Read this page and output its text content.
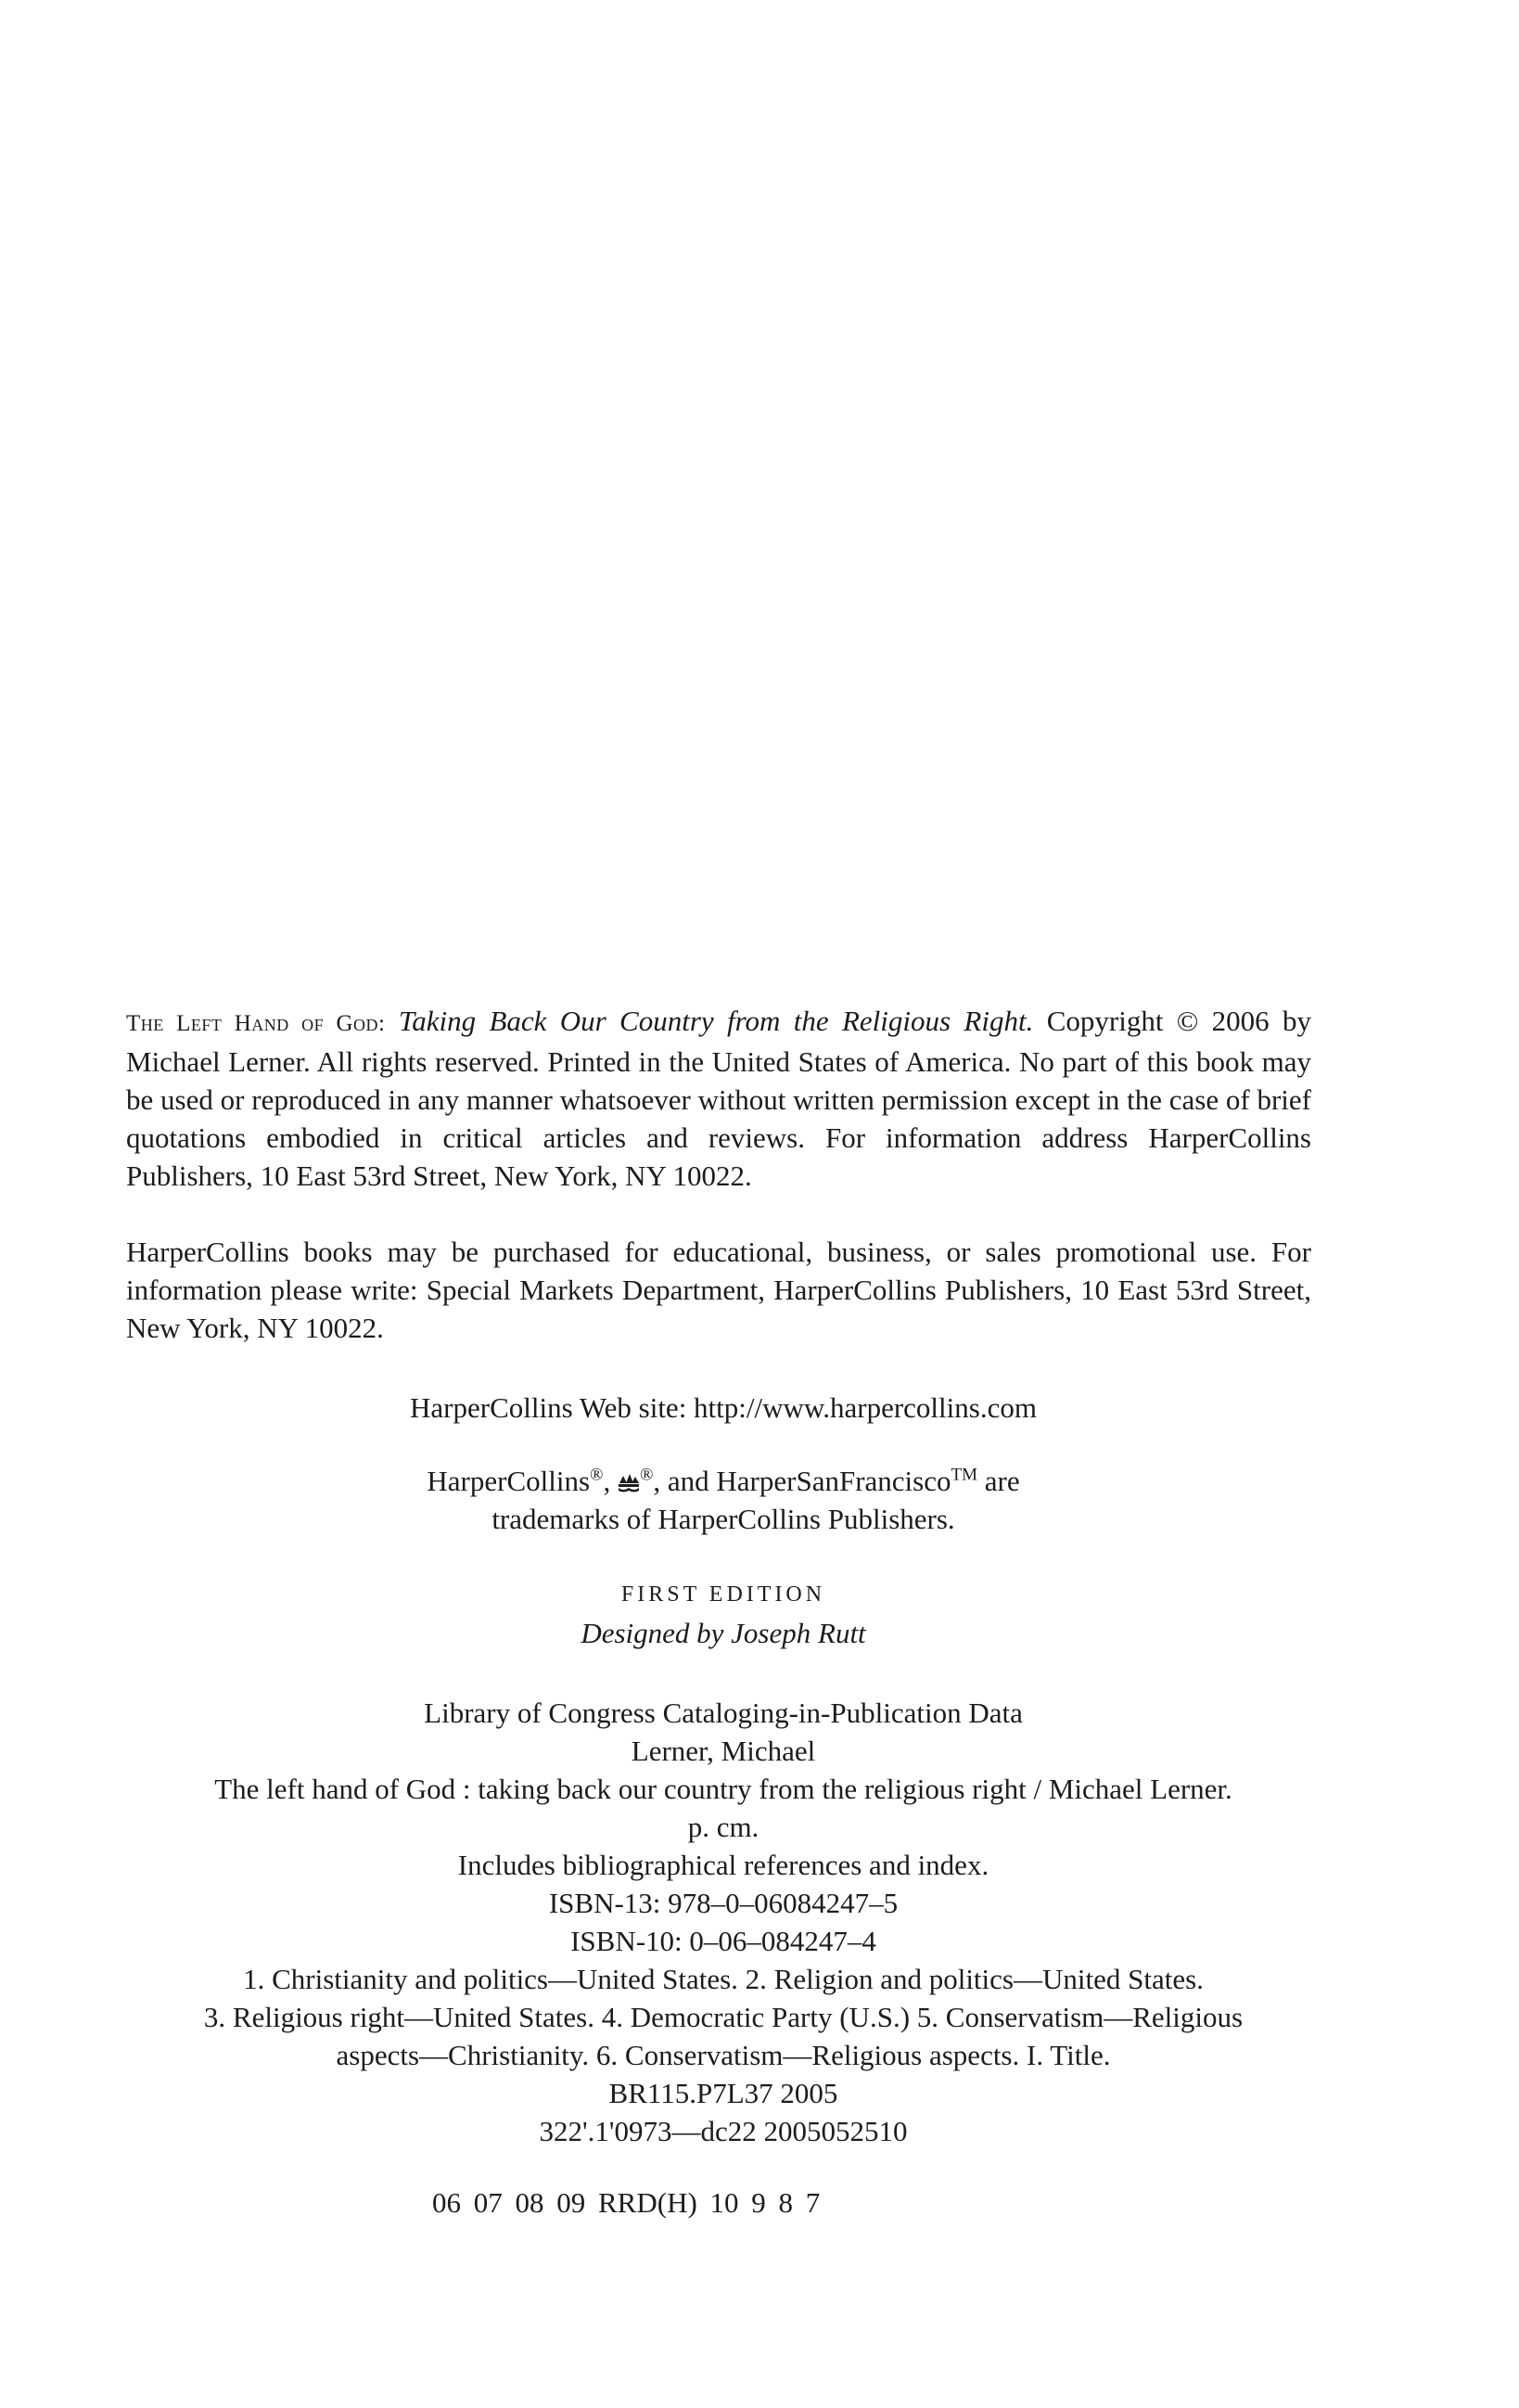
The Left Hand of God: Taking Back Our Country from the Religious Right. Copyright © 2006 by Michael Lerner. All rights reserved. Printed in the United States of America. No part of this book may be used or reproduced in any manner whatsoever without written permission except in the case of brief quotations embodied in critical articles and reviews. For information address HarperCollins Publishers, 10 East 53rd Street, New York, NY 10022.

HarperCollins books may be purchased for educational, business, or sales promotional use. For information please write: Special Markets Department, HarperCollins Publishers, 10 East 53rd Street, New York, NY 10022.

HarperCollins Web site: http://www.harpercollins.com
HarperCollins®, ®, and HarperSanFrancisco™ are
trademarks of HarperCollins Publishers.
FIRST EDITION
Designed by Joseph Rutt
Library of Congress Cataloging-in-Publication Data
Lerner, Michael
The left hand of God : taking back our country from the religious right / Michael Lerner.
p. cm.
Includes bibliographical references and index.
ISBN-13: 978–0–06084247–5
ISBN-10: 0–06–084247–4
1. Christianity and politics—United States. 2. Religion and politics—United States.
3. Religious right—United States. 4. Democratic Party (U.S.) 5. Conservatism—Religious
aspects—Christianity. 6. Conservatism—Religious aspects. I. Title.
BR115.P7L37 2005
322'.1'0973—dc22 2005052510
06 07 08 09 RRD(H) 10 9 8 7
